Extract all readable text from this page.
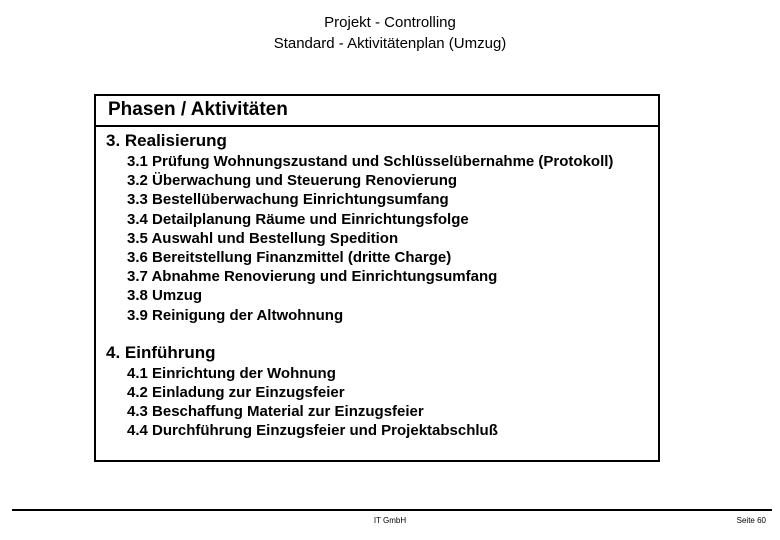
Projekt - Controlling
Standard - Aktivitätenplan (Umzug)
Phasen / Aktivitäten
3. Realisierung
3.1 Prüfung Wohnungszustand und Schlüsselübernahme (Protokoll)
3.2 Überwachung und Steuerung Renovierung
3.3 Bestellüberwachung Einrichtungsumfang
3.4 Detailplanung Räume und Einrichtungsfolge
3.5 Auswahl und Bestellung Spedition
3.6 Bereitstellung Finanzmittel (dritte Charge)
3.7 Abnahme Renovierung und Einrichtungsumfang
3.8 Umzug
3.9 Reinigung der Altwohnung
4. Einführung
4.1 Einrichtung der Wohnung
4.2 Einladung zur Einzugsfeier
4.3 Beschaffung Material zur Einzugsfeier
4.4 Durchführung Einzugsfeier und Projektabschluß
IT GmbH	Seite 60
